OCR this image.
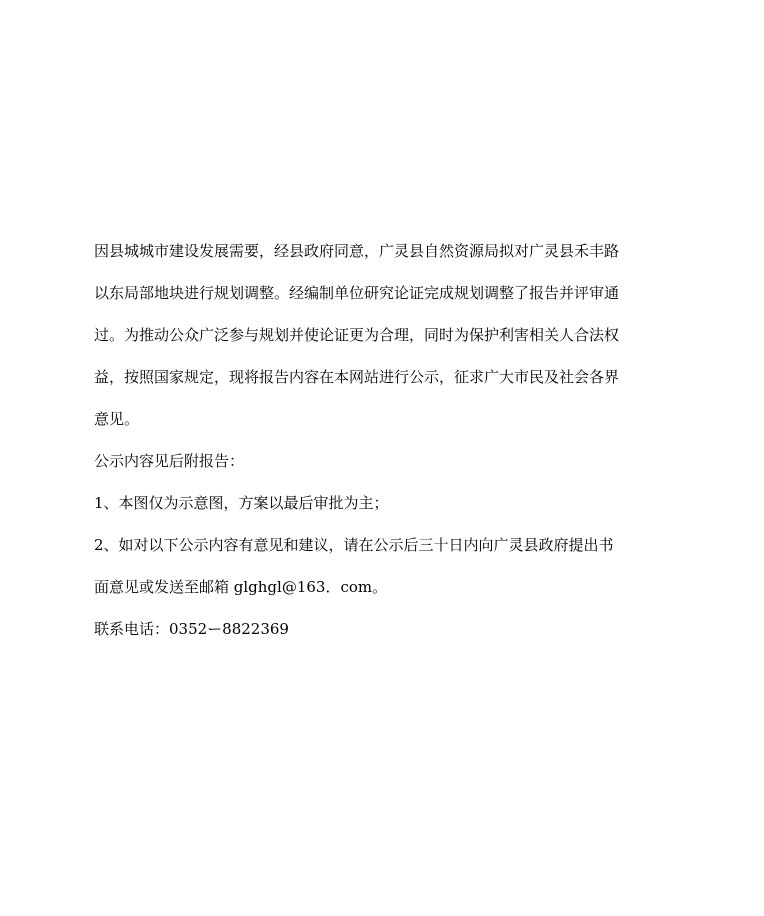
因县城城市建设发展需要，经县政府同意，广灵县自然资源局拟对广灵县禾丰路
以东局部地块进行规划调整。经编制单位研究论证完成规划调整了报告并评审通
过。为推动公众广泛参与规划并使论证更为合理，同时为保护利害相关人合法权
益，按照国家规定，现将报告内容在本网站进行公示，征求广大市民及社会各界
意见。
公示内容见后附报告：
1、本图仅为示意图，方案以最后审批为主；
2、如对以下公示内容有意见和建议，请在公示后三十日内向广灵县政府提出书
面意见或发送至邮箱 glghgl@163．com。
联系电话：0352ー8822369
